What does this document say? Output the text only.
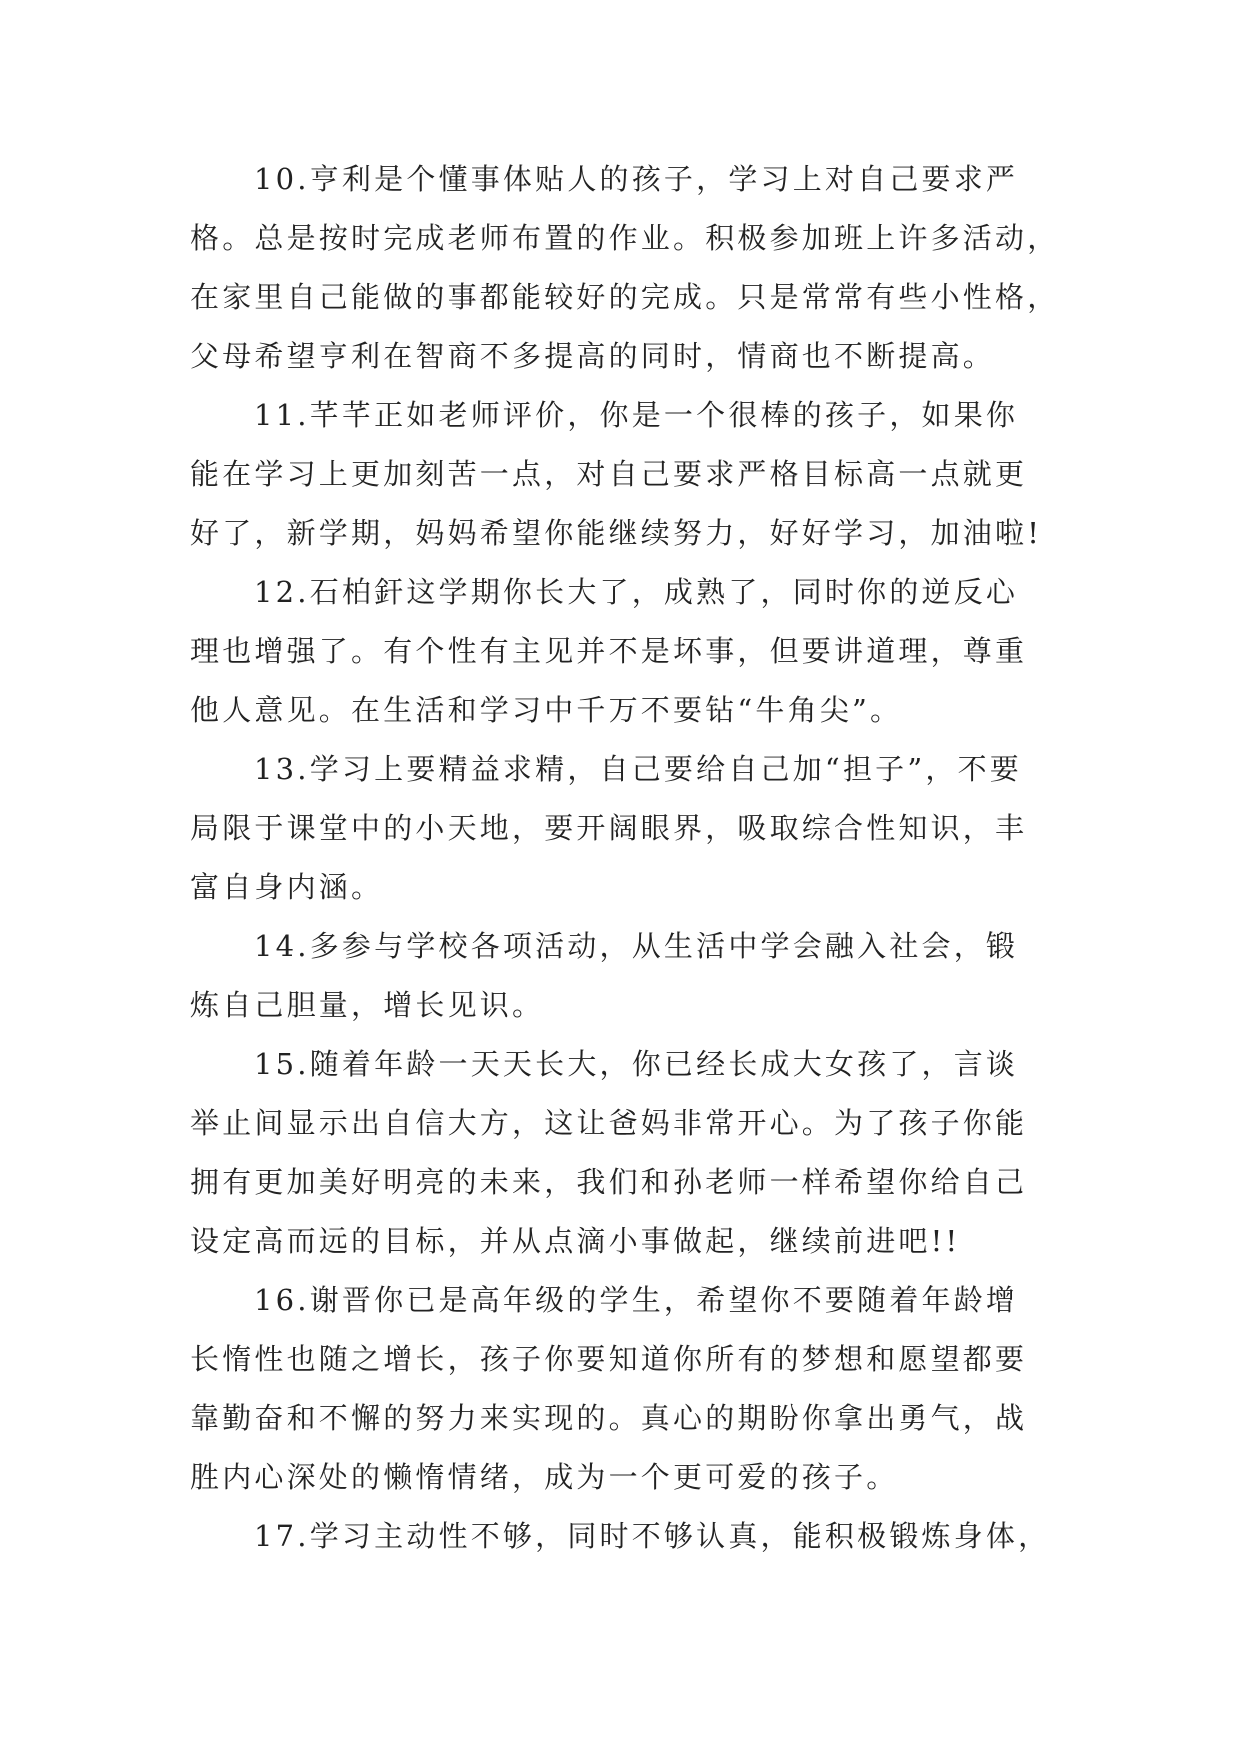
10.亨利是个懂事体贴人的孩子，学习上对自己要求严
格。总是按时完成老师布置的作业。积极参加班上许多活动，
在家里自己能做的事都能较好的完成。只是常常有些小性格，
父母希望亨利在智商不多提高的同时，情商也不断提高。
11.芊芊正如老师评价，你是一个很棒的孩子，如果你
能在学习上更加刻苦一点，对自己要求严格目标高一点就更
好了，新学期，妈妈希望你能继续努力，好好学习，加油啦!
12.石柏釬这学期你长大了，成熟了，同时你的逆反心
理也增强了。有个性有主见并不是坏事，但要讲道理，尊重
他人意见。在生活和学习中千万不要钻“牛角尖”。
13.学习上要精益求精，自己要给自己加“担子”，不要
局限于课堂中的小天地，要开阔眼界，吸取综合性知识，丰
富自身内涵。
14.多参与学校各项活动，从生活中学会融入社会，锻
炼自己胆量，增长见识。
15.随着年龄一天天长大，你已经长成大女孩了，言谈
举止间显示出自信大方，这让爸妈非常开心。为了孩子你能
拥有更加美好明亮的未来，我们和孙老师一样希望你给自己
设定高而远的目标，并从点滴小事做起，继续前进吧!!
16.谢晋你已是高年级的学生，希望你不要随着年龄增
长惰性也随之增长，孩子你要知道你所有的梦想和愿望都要
靠勤奋和不懈的努力来实现的。真心的期盼你拿出勇气，战
胜内心深处的懒惰情绪，成为一个更可爱的孩子。
17.学习主动性不够，同时不够认真，能积极锻炼身体，
